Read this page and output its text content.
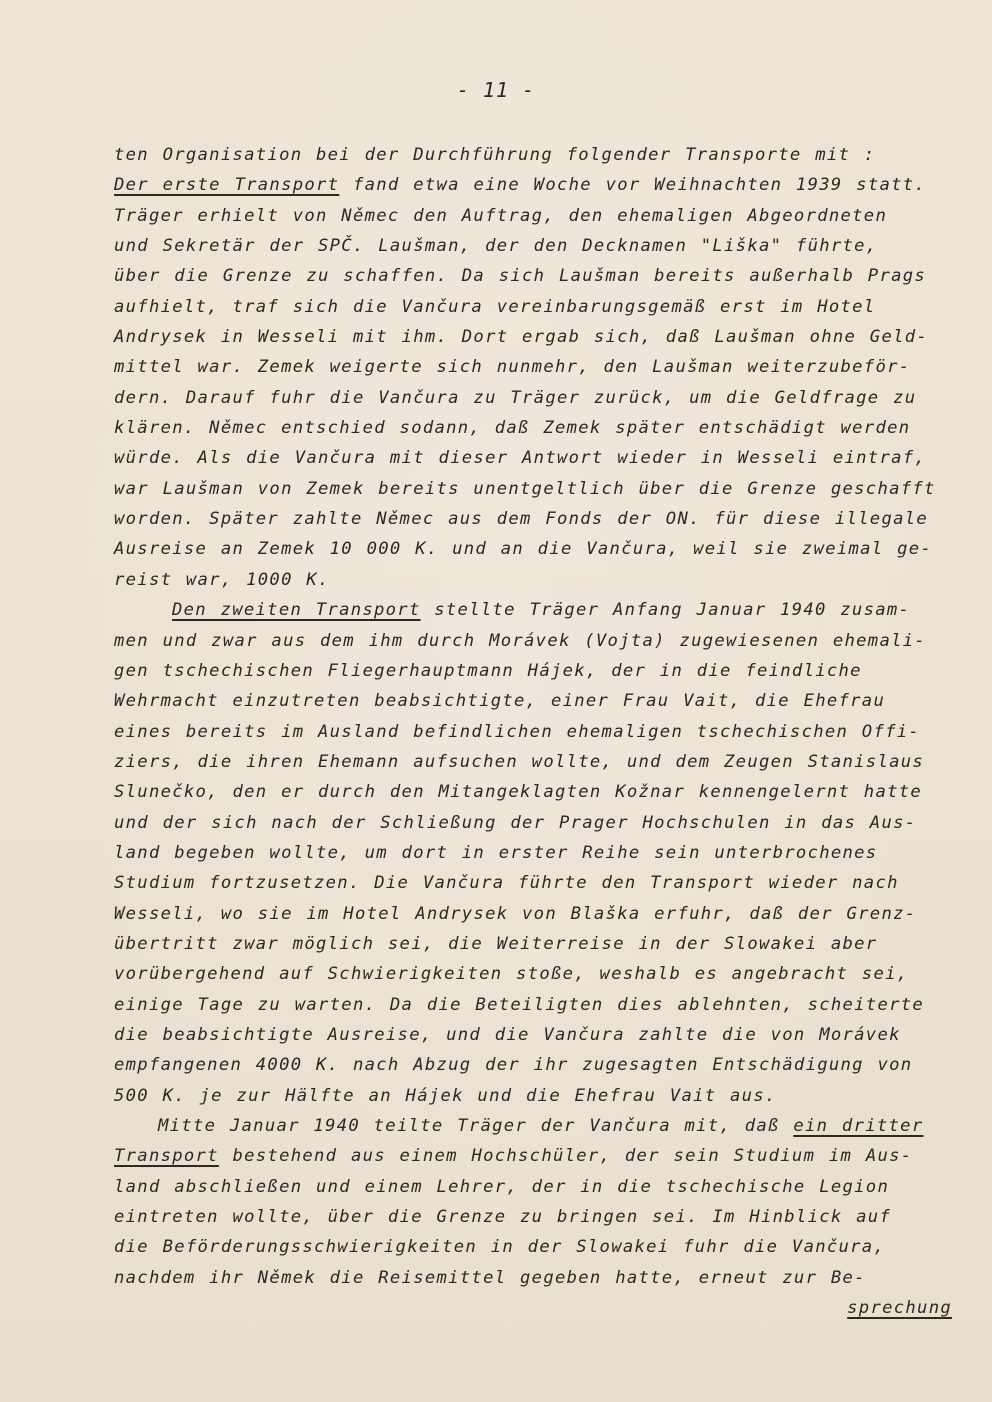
- 11 -
ten Organisation bei der Durchführung folgender Transporte mit :
Der erste Transport fand etwa eine Woche vor Weihnachten 1939 statt.
Träger erhielt von Němec den Auftrag, den ehemaligen Abgeordneten
und Sekretär der SPČ. Laušman, der den Decknamen "Liška" führte,
über die Grenze zu schaffen. Da sich Laušman bereits außerhalb Prags
aufhielt, traf sich die Vančura vereinbarungsgemäß erst im Hotel
Andrysek in Wesseli mit ihm. Dort ergab sich, daß Laušman ohne Geld-
mittel war. Zemek weigerte sich nunmehr, den Laušman weiterzubeför-
dern. Darauf fuhr die Vančura zu Träger zurück, um die Geldfrage zu
klären. Němec entschied sodann, daß Zemek später entschädigt werden
würde. Als die Vančura mit dieser Antwort wieder in Wesseli eintraf,
war Laušman von Zemek bereits unentgeltlich über die Grenze geschafft
worden. Später zahlte Němec aus dem Fonds der ON. für diese illegale
Ausreise an Zemek 10 000 K. und an die Vančura, weil sie zweimal ge-
reist war, 1000 K.
Den zweiten Transport stellte Träger Anfang Januar 1940 zusam-
men und zwar aus dem ihm durch Morávek (Vojta) zugewiesenen ehemali-
gen tschechischen Fliegerhauptmann Hájek, der in die feindliche
Wehrmacht einzutreten beabsichtigte, einer Frau Vait, die Ehefrau
eines bereits im Ausland befindlichen ehemaligen tschechischen Offi-
ziers, die ihren Ehemann aufsuchen wollte, und dem Zeugen Stanislaus
Slunečko, den er durch den Mitangeklagten Kožnar kennengelernt hatte
und der sich nach der Schließung der Prager Hochschulen in das Aus-
land begeben wollte, um dort in erster Reihe sein unterbrochenes
Studium fortzusetzen. Die Vančura führte den Transport wieder nach
Wesseli, wo sie im Hotel Andrysek von Blaška erfuhr, daß der Grenz-
übertritt zwar möglich sei, die Weiterreise in der Slowakei aber
vorübergehend auf Schwierigkeiten stoße, weshalb es angebracht sei,
einige Tage zu warten. Da die Beteiligten dies ablehnten, scheiterte
die beabsichtigte Ausreise, und die Vančura zahlte die von Morávek
empfangenen 4000 K. nach Abzug der ihr zugesagten Entschädigung von
500 K. je zur Hälfte an Hájek und die Ehefrau Vait aus.
Mitte Januar 1940 teilte Träger der Vančura mit, daß ein dritter
Transport bestehend aus einem Hochschüler, der sein Studium im Aus-
land abschließen und einem Lehrer, der in die tschechische Legion
eintreten wollte, über die Grenze zu bringen sei. Im Hinblick auf
die Beförderungsschwierigkeiten in der Slowakei fuhr die Vančura,
nachdem ihr Němek die Reisemittel gegeben hatte, erneut zur Be-
sprechung
